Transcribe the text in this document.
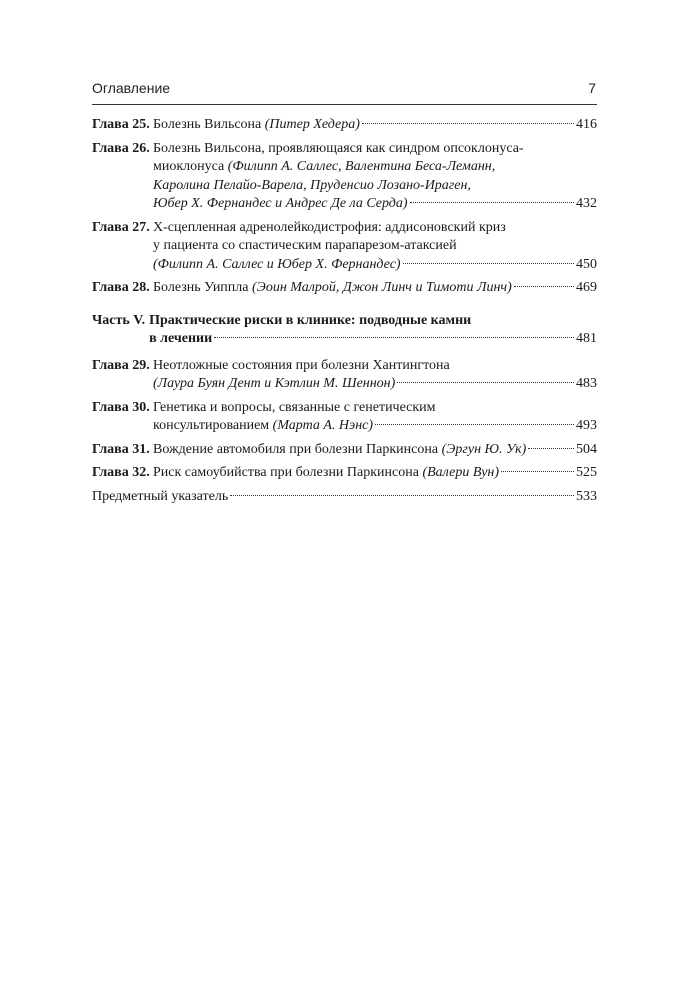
Оглавление	7
Глава 25. Болезнь Вильсона (Питер Хедера)	416
Глава 26. Болезнь Вильсона, проявляющаяся как синдром опсоклонуса-
миоклонуса (Филипп А. Саллес, Валентина Беса-Леманн,
Каролина Пелайо-Варела, Пруденсио Лозано-Ираген,
Юбер Х. Фернандес и Андрес Де ла Серда)	432
Глава 27. X-сцепленная адренолейкодистрофия: аддисоновский криз
у пациента со спастическим парапарезом-атаксией
(Филипп А. Саллес и Юбер Х. Фернандес)	450
Глава 28. Болезнь Уиппла (Эоин Малрой, Джон Линч и Тимоти Линч)	469
Часть V. Практические риски в клинике: подводные камни
в лечении	481
Глава 29. Неотложные состояния при болезни Хантингтона
(Лаура Буян Дент и Кэтлин М. Шеннон)	483
Глава 30. Генетика и вопросы, связанные с генетическим
консультированием (Марта А. Нэнс)	493
Глава 31. Вождение автомобиля при болезни Паркинсона (Эргун Ю. Ук)	504
Глава 32. Риск самоубийства при болезни Паркинсона (Валери Вун)	525
Предметный указатель	533
